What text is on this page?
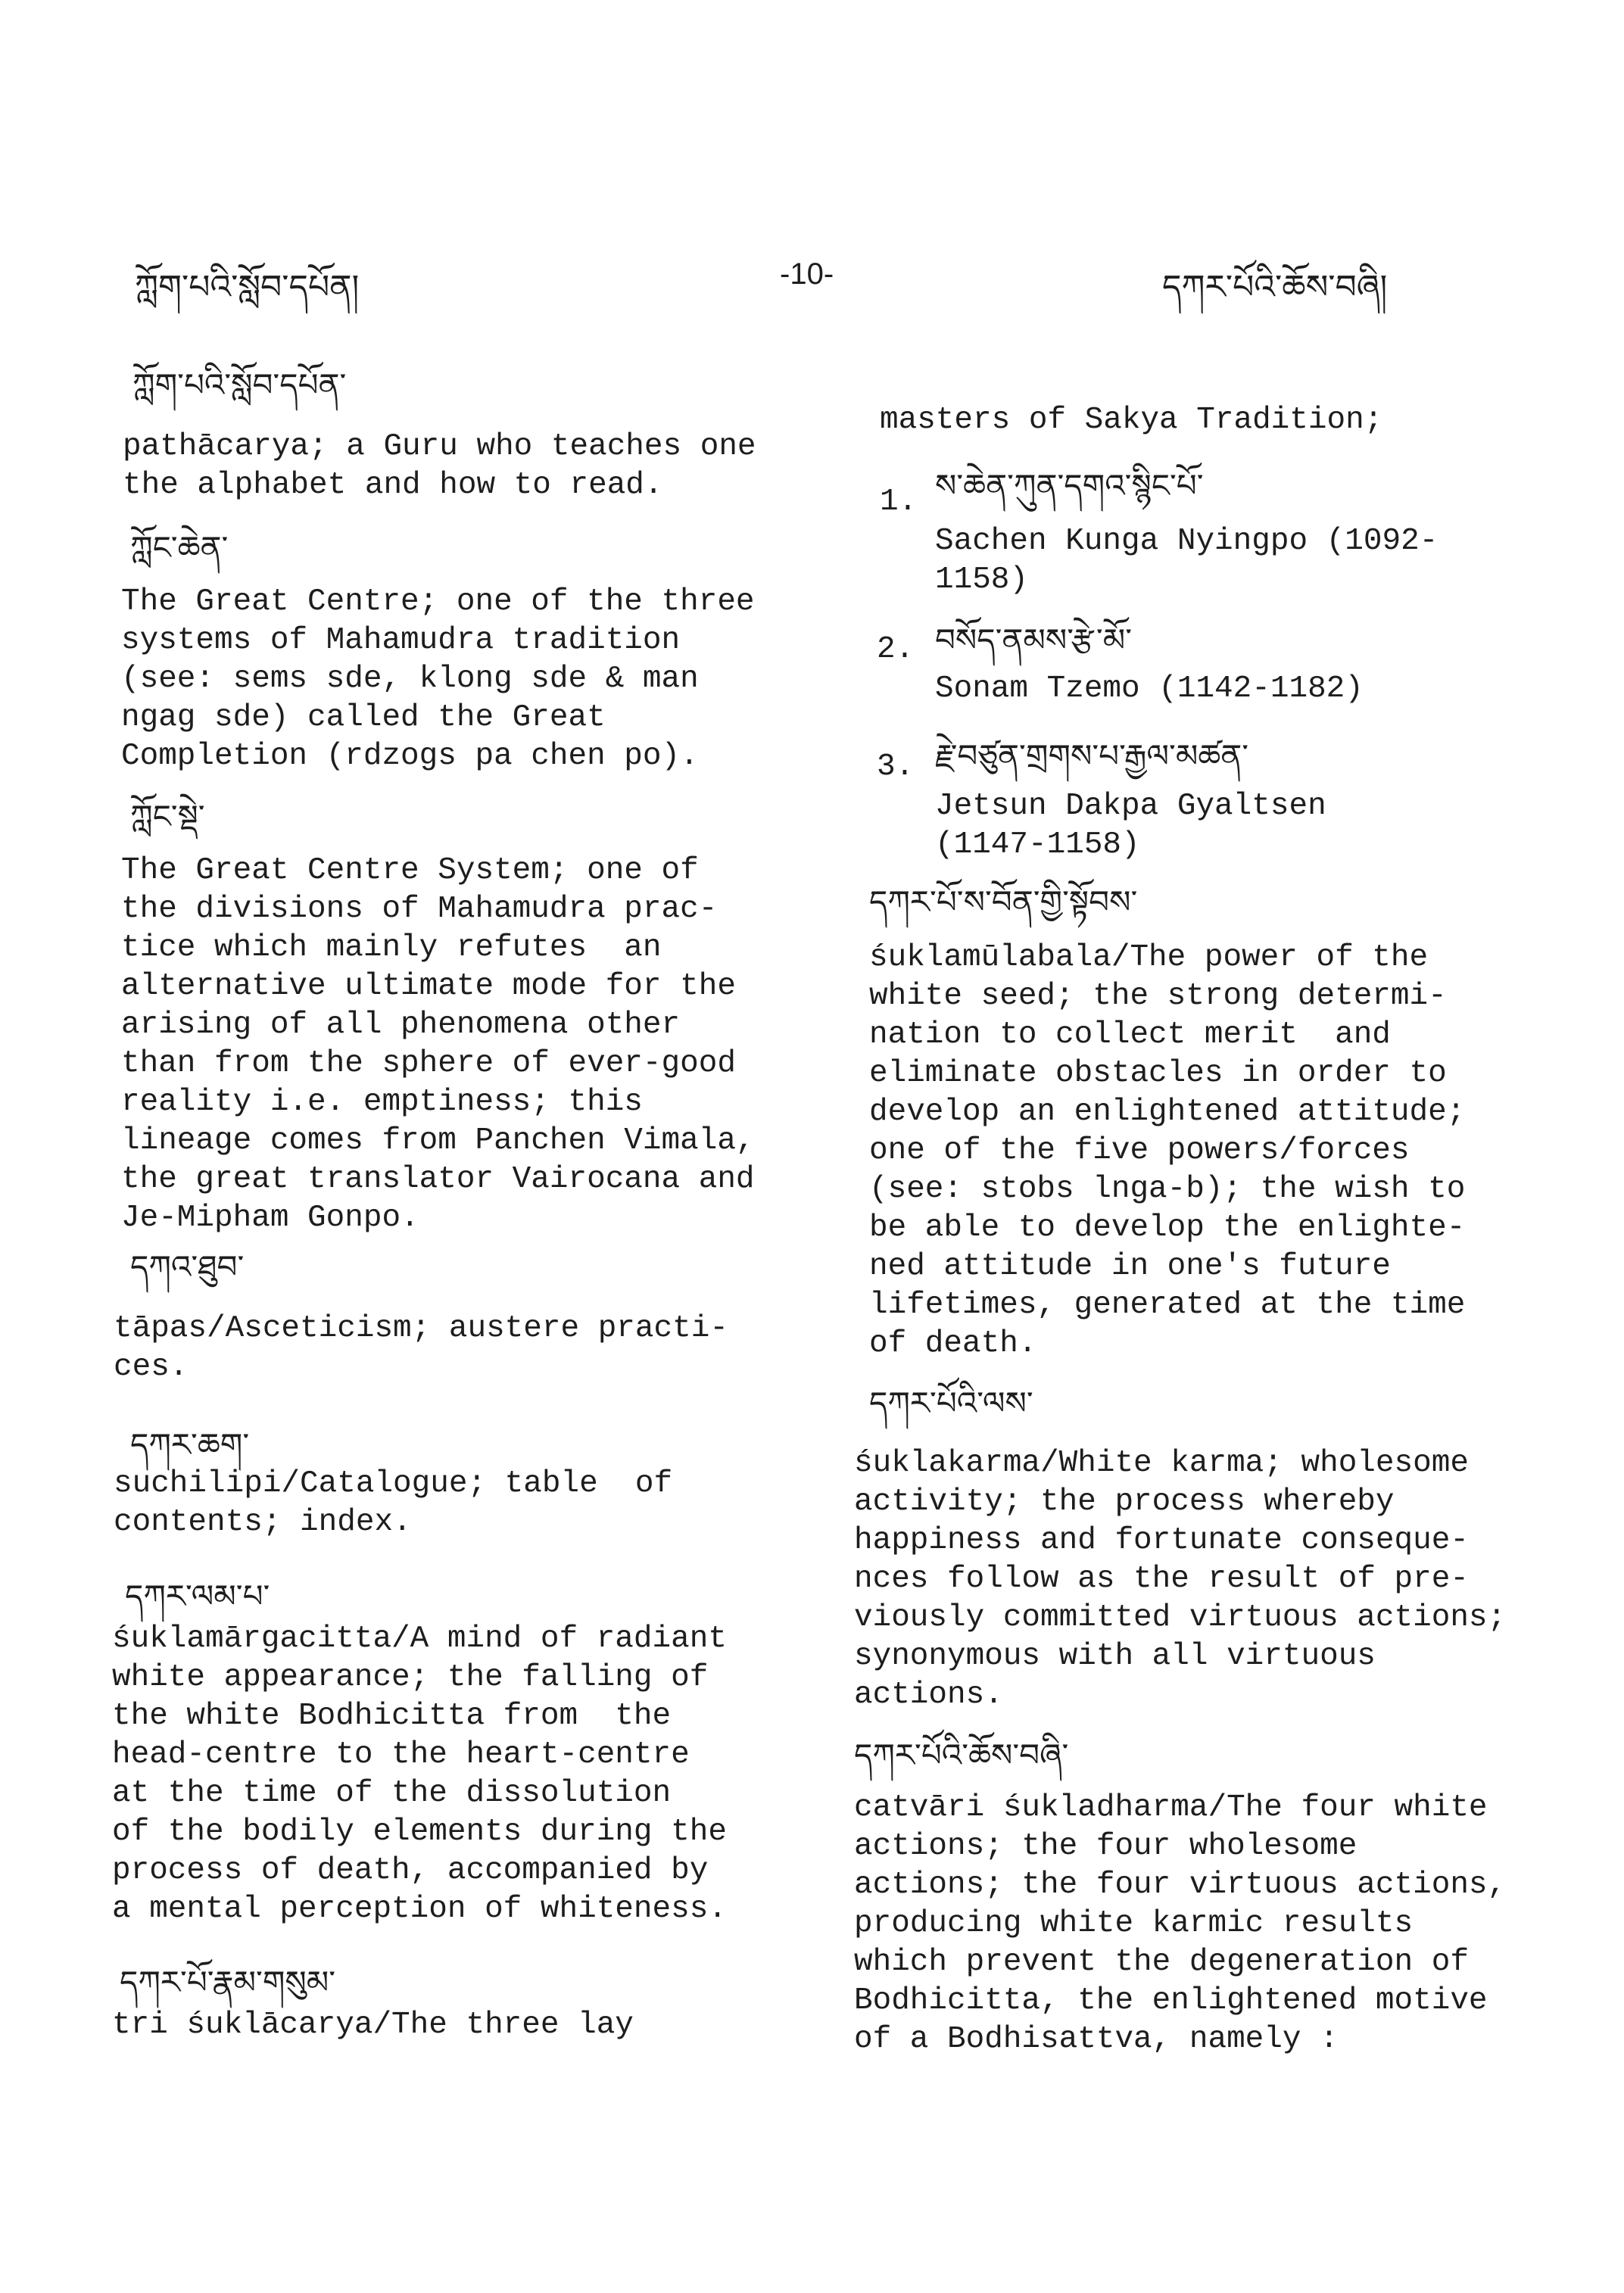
ཀློག་པའི་སློབ་དཔོན།	-10-	དཀར་པོའི་ཆོས་བཞི།
ཀློག་པའི་སློབ་དཔོན་
pathācarya; a Guru who teaches one
the alphabet and how to read.
ཀློང་ཆེན་
The Great Centre; one of the three
systems of Mahamudra tradition
(see: sems sde, klong sde & man
ngag sde) called the Great
Completion (rdzogs pa chen po).
ཀློང་སྡེ་
The Great Centre System; one of
the divisions of Mahamudra prac-
tice which mainly refutes  an
alternative ultimate mode for the
arising of all phenomena other
than from the sphere of ever-good
reality i.e. emptiness; this
lineage comes from Panchen Vimala,
the great translator Vairocana and
Je-Mipham Gonpo.
དཀའ་ཐུབ་
tāpas/Asceticism; austere practi-
ces.
དཀར་ཆག་
suchilipi/Catalogue; table  of
contents; index.
དཀར་ལམ་པ་
śuklamārgacitta/A mind of radiant
white appearance; the falling of
the white Bodhicitta from  the
head-centre to the heart-centre
at the time of the dissolution
of the bodily elements during the
process of death, accompanied by
a mental perception of whiteness.
དཀར་པོ་རྣམ་གསུམ་
tri śuklācarya/The three lay
masters of Sakya Tradition;
1. ས་ཆེན་ཀུན་དགའ་སྙིང་པོ་
Sachen Kunga Nyingpo (1092-
1158)
2. བསོད་ནམས་རྩེ་མོ་
Sonam Tzemo (1142-1182)
3. རྗེ་བཙུན་གྲགས་པ་རྒྱལ་མཚན་
Jetsun Dakpa Gyaltsen
(1147-1158)
དཀར་པོ་ས་བོན་གྱི་སྟོབས་
śuklamūlabala/The power of the
white seed; the strong determi-
nation to collect merit  and
eliminate obstacles in order to
develop an enlightened attitude;
one of the five powers/forces
(see: stobs lnga-b); the wish to
be able to develop the enlighte-
ned attitude in one's future
lifetimes, generated at the time
of death.
དཀར་པོའི་ལས་
śuklakarma/White karma; wholesome
activity; the process whereby
happiness and fortunate conseque-
nces follow as the result of pre-
viously committed virtuous actions;
synonymous with all virtuous
actions.
དཀར་པོའི་ཆོས་བཞི་
catvāri śukladharma/The four white
actions; the four wholesome
actions; the four virtuous actions,
producing white karmic results
which prevent the degeneration of
Bodhicitta, the enlightened motive
of a Bodhisattva, namely :
